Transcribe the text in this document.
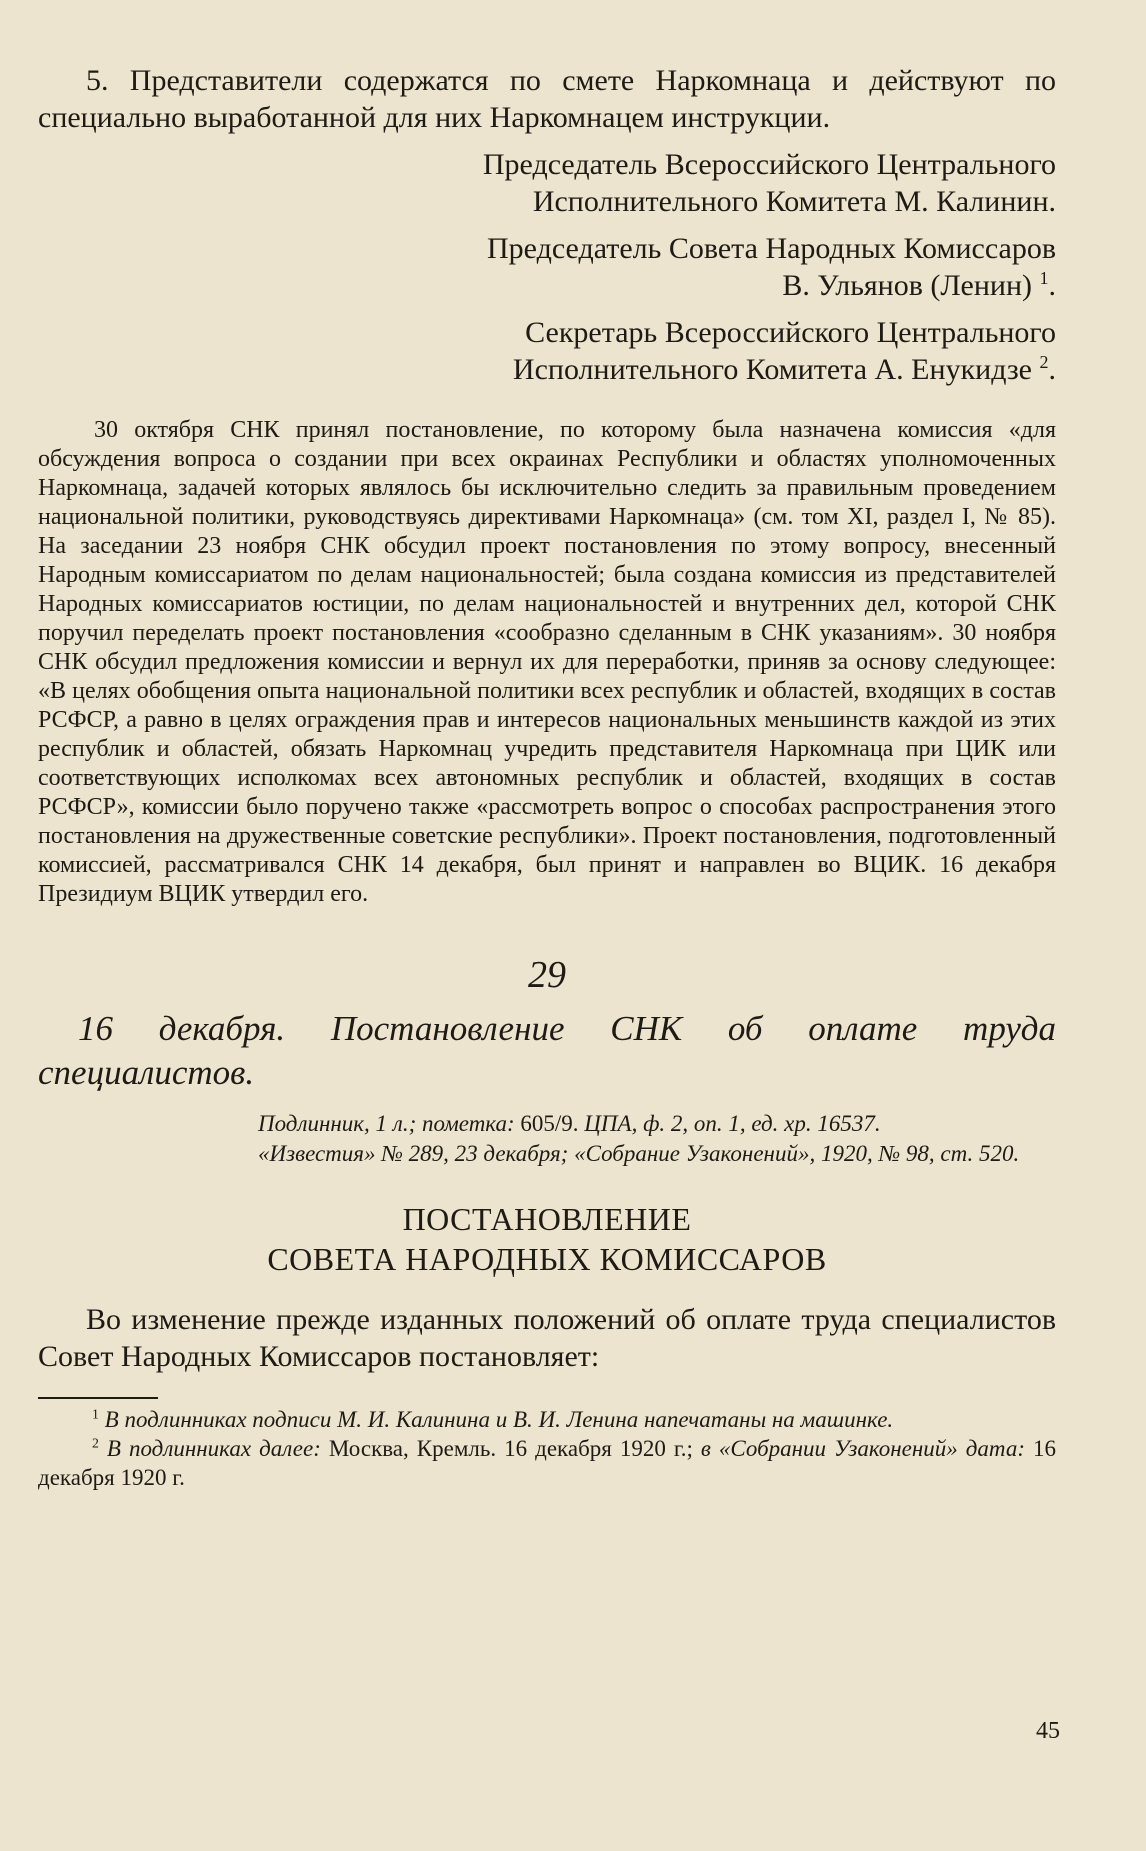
5. Представители содержатся по смете Наркомнаца и действуют по специально выработанной для них Наркомнацем инструкции.

Председатель Всероссийского Центрального
Исполнительного Комитета М. Калинин.
Председатель Совета Народных Комиссаров
В. Ульянов (Ленин) $^1$.
Секретарь Всероссийского Центрального
Исполнительного Комитета А. Енукидзе $^2$.

30 октября СНК принял постановление, по которому была назначена комиссия «для обсуждения вопроса о создании при всех окраинах Республики и областях уполномоченных Наркомнаца, задачей которых являлось бы исключительно следить за правильным проведением национальной политики, руководствуясь директивами Наркомнаца» (см. том XI, раздел I, № 85). На заседании 23 ноября СНК обсудил проект постановления по этому вопросу, внесенный Народным комиссариатом по делам национальностей; была создана комиссия из представителей Народных комиссариатов юстиции, по делам национальностей и внутренних дел, которой СНК поручил переделать проект постановления «сообразно сделанным в СНК указаниям». 30 ноября СНК обсудил предложения комиссии и вернул их для переработки, приняв за основу следующее: «В целях обобщения опыта национальной политики всех республик и областей, входящих в состав РСФСР, а равно в целях ограждения прав и интересов национальных меньшинств каждой из этих республик и областей, обязать Наркомнац учредить представителя Наркомнаца при ЦИК или соответствующих исполкомах всех автономных республик и областей, входящих в состав РСФСР», комиссии было поручено также «рассмотреть вопрос о способах распространения этого постановления на дружественные советские республики». Проект постановления, подготовленный комиссией, рассматривался СНК 14 декабря, был принят и направлен во ВЦИК. 16 декабря Президиум ВЦИК утвердил его.

29

16 декабря. Постановление СНК об оплате труда специалистов.

Подлинник, 1 л.; пометка: 605/9. ЦПА, ф. 2, оп. 1, ед. хр. 16537.

«Известия» № 289, 23 декабря; «Собрание Узаконений», 1920, № 98, ст. 520.

ПОСТАНОВЛЕНИЕ

СОВЕТА НАРОДНЫХ КОМИССАРОВ

Во изменение прежде изданных положений об оплате труда специалистов Совет Народных Комиссаров постановляет:

$^1$ В подлинниках подписи М. И. Калинина и В. И. Ленина напечатаны на машинке.

$^2$ В подлинниках далее: Москва, Кремль. 16 декабря 1920 г.; в «Собрании Узаконений» дата: 16 декабря 1920 г.

45
